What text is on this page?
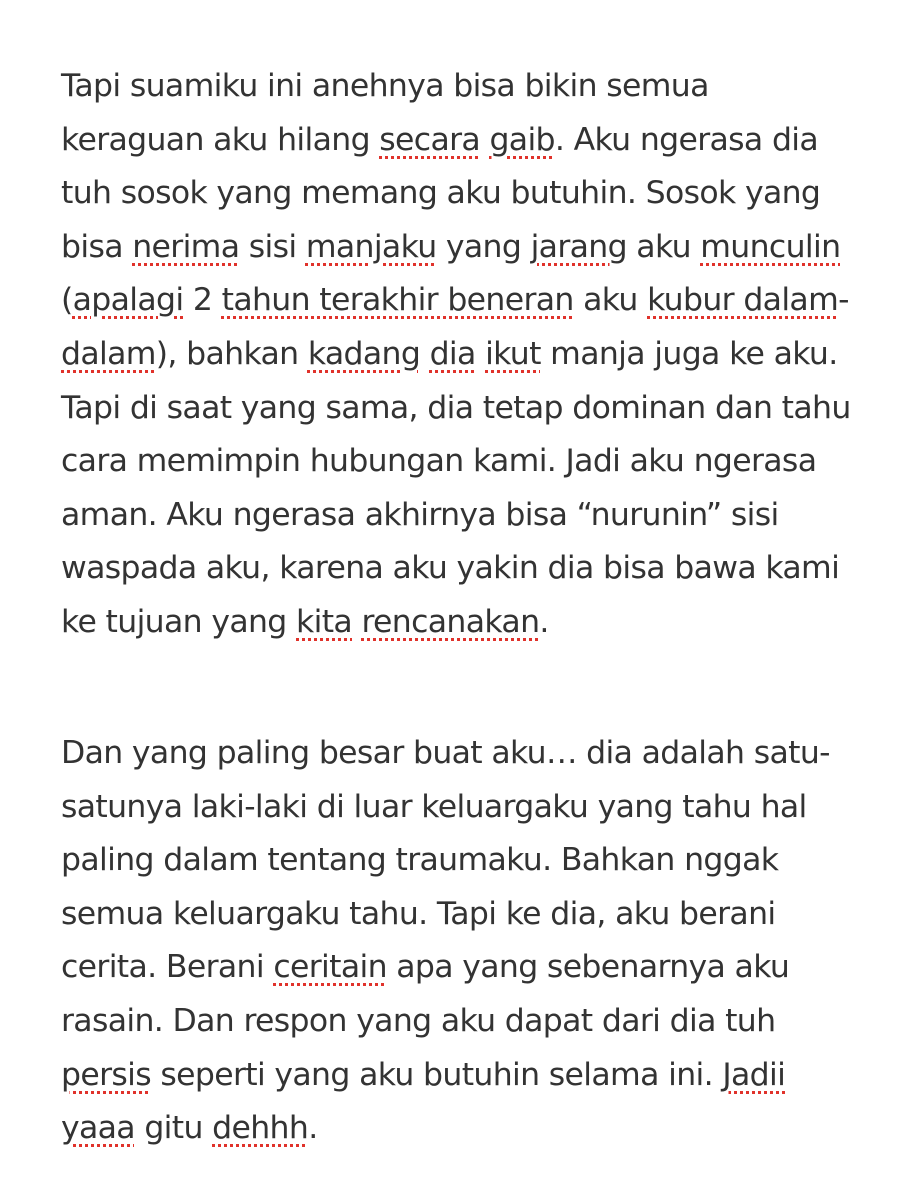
Tapi suamiku ini anehnya bisa bikin semua
keraguan aku hilang secara gaib. Aku ngerasa dia
tuh sosok yang memang aku butuhin. Sosok yang
bisa nerima sisi manjaku yang jarang aku munculin
(apalagi 2 tahun terakhir beneran aku kubur dalam-
dalam), bahkan kadang dia ikut manja juga ke aku.
Tapi di saat yang sama, dia tetap dominan dan tahu
cara memimpin hubungan kami. Jadi aku ngerasa
aman. Aku ngerasa akhirnya bisa “nurunin” sisi
waspada aku, karena aku yakin dia bisa bawa kami
ke tujuan yang kita rencanakan.

Dan yang paling besar buat aku… dia adalah satu-
satunya laki-laki di luar keluargaku yang tahu hal
paling dalam tentang traumaku. Bahkan nggak
semua keluargaku tahu. Tapi ke dia, aku berani
cerita. Berani ceritain apa yang sebenarnya aku
rasain. Dan respon yang aku dapat dari dia tuh
persis seperti yang aku butuhin selama ini. Jadii
yaaa gitu dehhh.
